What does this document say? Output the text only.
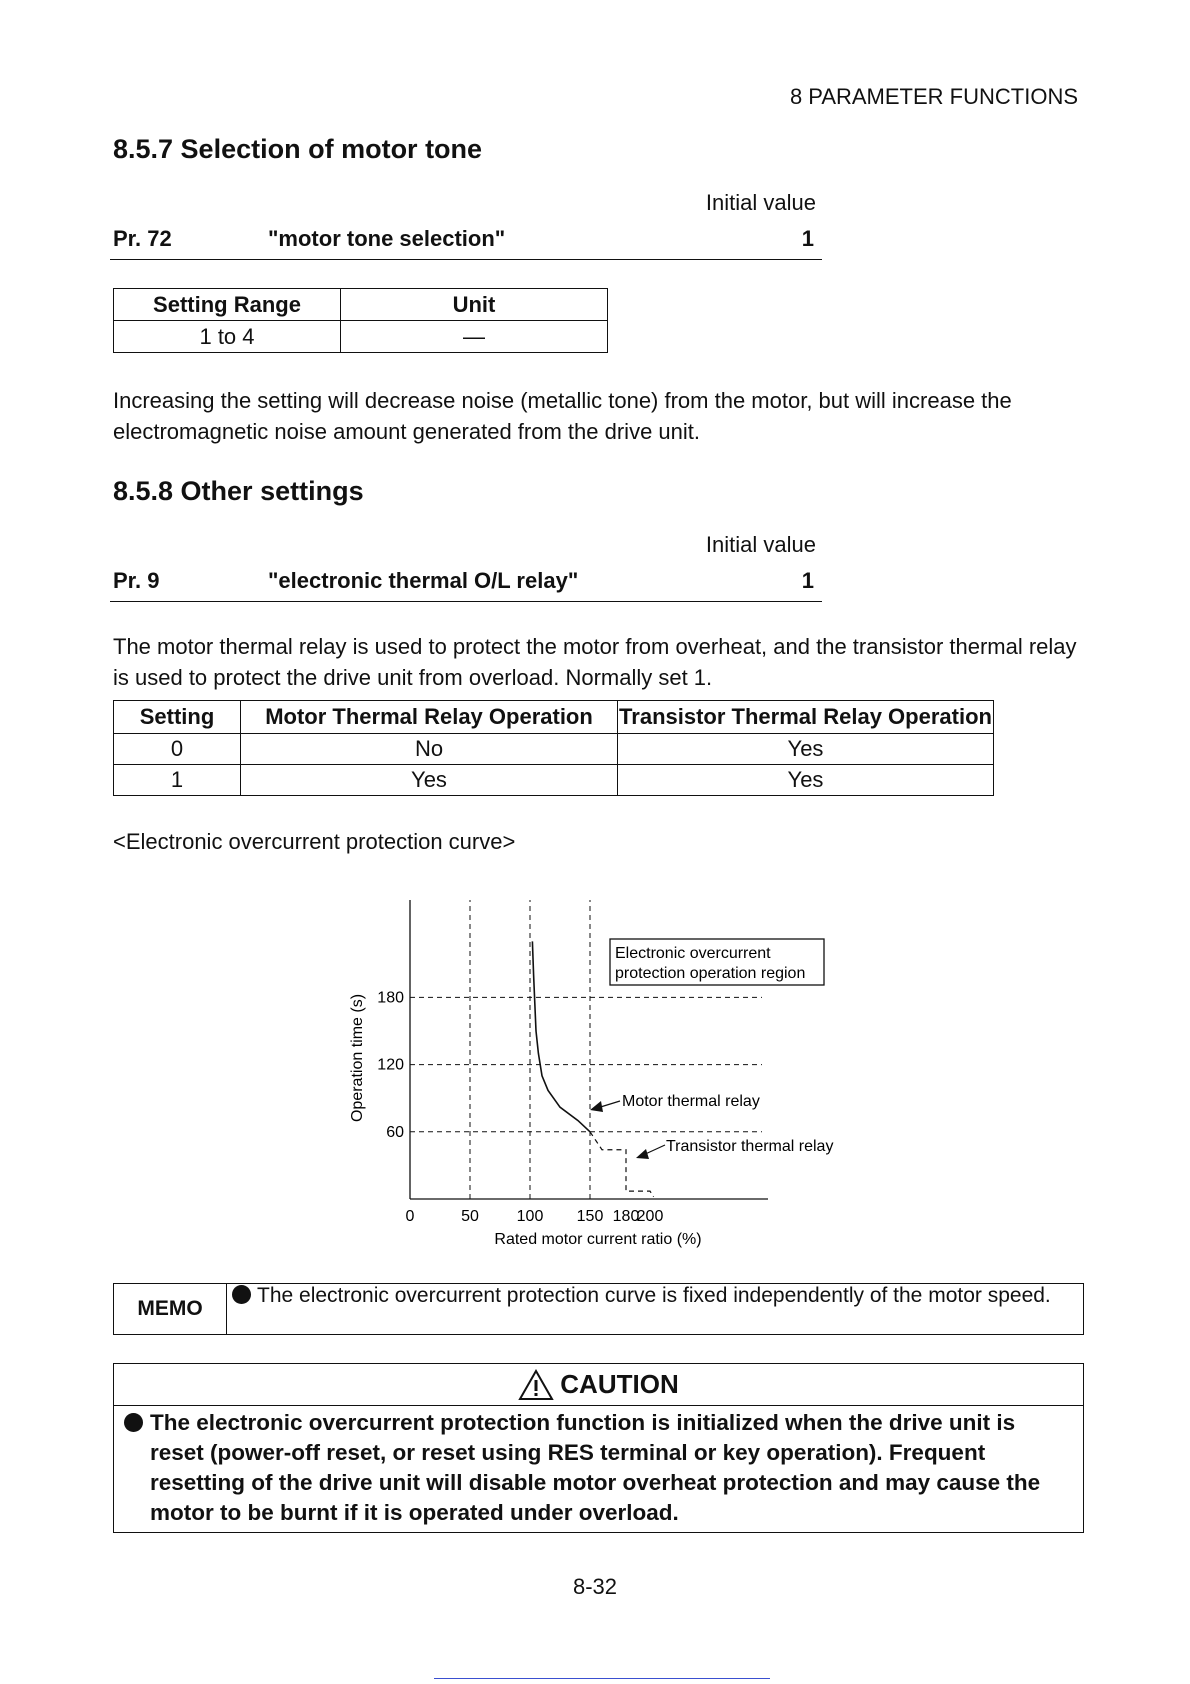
8 PARAMETER FUNCTIONS
8.5.7 Selection of motor tone
Initial value
Pr. 72	"motor tone selection"	1
Setting Range	Unit
1 to 4	—

Increasing the setting will decrease noise (metallic tone) from the motor, but will increase the electromagnetic noise amount generated from the drive unit.

8.5.8 Other settings
Initial value
Pr. 9	"electronic thermal O/L relay"	1

The motor thermal relay is used to protect the motor from overheat, and the transistor thermal relay is used to protect the drive unit from overload. Normally set 1.

Setting	Motor Thermal Relay Operation	Transistor Thermal Relay Operation
0	No	Yes
1	Yes	Yes
<Electronic overcurrent protection curve>
60
120
180
0	50 100 150 180
200
Electronic overcurrent
protection operation region
Motor thermal relay
Transistor thermal relay
Rated motor current ratio (%)
Operation time (s)
MEMO
The electronic overcurrent protection curve is fixed independently of the motor speed.
CAUTION
The electronic overcurrent protection function is initialized when the drive unit is reset (power-off reset, or reset using RES terminal or key operation). Frequent resetting of the drive unit will disable motor overheat protection and may cause the motor to be burnt if it is operated under overload.
8-32
